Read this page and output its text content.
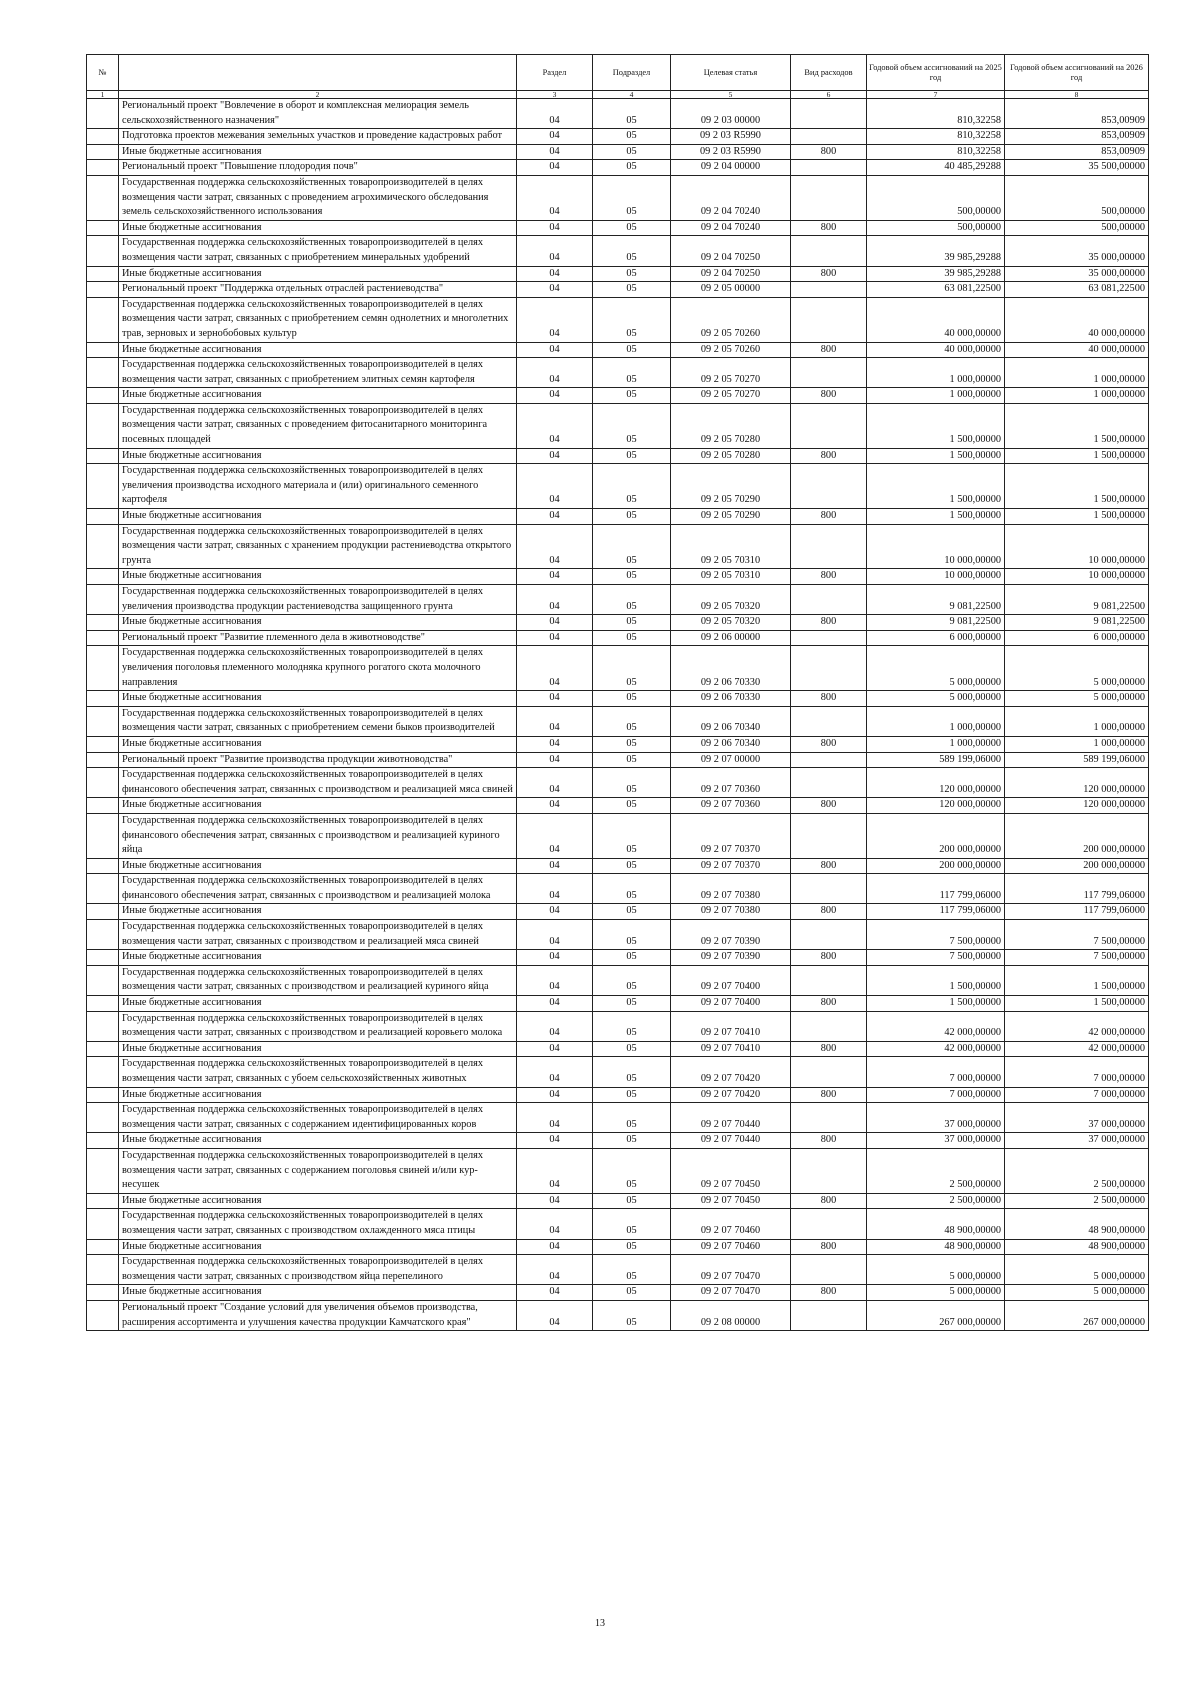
№		Раздел	Подраздел	Целевая статья	Вид расходов	Годовой объем ассигнований на 2025 год	Годовой объем ассигнований на 2026 год
1	2	3	4	5	6	7	8
	Региональный проект "Вовлечение в оборот и комплексная мелиорация земель сельскохозяйственного назначения"	04	05	09 2 03 00000		810,32258	853,00909
	Подготовка проектов межевания земельных участков и проведение кадастровых работ	04	05	09 2 03 R5990		810,32258	853,00909
	Иные бюджетные ассигнования	04	05	09 2 03 R5990	800	810,32258	853,00909
	Региональный проект "Повышение плодородия почв"	04	05	09 2 04 00000		40 485,29288	35 500,00000
	Государственная поддержка сельскохозяйственных товаропроизводителей в целях возмещения части затрат, связанных с проведением агрохимического обследования земель сельскохозяйственного использования	04	05	09 2 04 70240		500,00000	500,00000
	Иные бюджетные ассигнования	04	05	09 2 04 70240	800	500,00000	500,00000
	Государственная поддержка сельскохозяйственных товаропроизводителей в целях возмещения части затрат, связанных с приобретением минеральных удобрений	04	05	09 2 04 70250		39 985,29288	35 000,00000
	Иные бюджетные ассигнования	04	05	09 2 04 70250	800	39 985,29288	35 000,00000
	Региональный проект "Поддержка отдельных отраслей растениеводства"	04	05	09 2 05 00000		63 081,22500	63 081,22500
	Государственная поддержка сельскохозяйственных товаропроизводителей в целях возмещения части затрат, связанных с приобретением семян однолетних и многолетних трав, зерновых и зернобобовых культур	04	05	09 2 05 70260		40 000,00000	40 000,00000
	Иные бюджетные ассигнования	04	05	09 2 05 70260	800	40 000,00000	40 000,00000
	Государственная поддержка сельскохозяйственных товаропроизводителей в целях возмещения части затрат, связанных с приобретением элитных семян картофеля	04	05	09 2 05 70270		1 000,00000	1 000,00000
	Иные бюджетные ассигнования	04	05	09 2 05 70270	800	1 000,00000	1 000,00000
	Государственная поддержка сельскохозяйственных товаропроизводителей в целях возмещения части затрат, связанных с проведением фитосанитарного мониторинга посевных площадей	04	05	09 2 05 70280		1 500,00000	1 500,00000
	Иные бюджетные ассигнования	04	05	09 2 05 70280	800	1 500,00000	1 500,00000
	Государственная поддержка сельскохозяйственных товаропроизводителей в целях увеличения производства исходного материала и (или) оригинального семенного картофеля	04	05	09 2 05 70290		1 500,00000	1 500,00000
	Иные бюджетные ассигнования	04	05	09 2 05 70290	800	1 500,00000	1 500,00000
	Государственная поддержка сельскохозяйственных товаропроизводителей в целях возмещения части затрат, связанных с хранением продукции растениеводства открытого грунта	04	05	09 2 05 70310		10 000,00000	10 000,00000
	Иные бюджетные ассигнования	04	05	09 2 05 70310	800	10 000,00000	10 000,00000
	Государственная поддержка сельскохозяйственных товаропроизводителей в целях увеличения производства продукции растениеводства защищенного грунта	04	05	09 2 05 70320		9 081,22500	9 081,22500
	Иные бюджетные ассигнования	04	05	09 2 05 70320	800	9 081,22500	9 081,22500
	Региональный проект "Развитие племенного дела в животноводстве"	04	05	09 2 06 00000		6 000,00000	6 000,00000
	Государственная поддержка сельскохозяйственных товаропроизводителей в целях увеличения поголовья племенного молодняка крупного рогатого скота молочного направления	04	05	09 2 06 70330		5 000,00000	5 000,00000
	Иные бюджетные ассигнования	04	05	09 2 06 70330	800	5 000,00000	5 000,00000
	Государственная поддержка сельскохозяйственных товаропроизводителей в целях возмещения части затрат, связанных с приобретением семени быков производителей	04	05	09 2 06 70340		1 000,00000	1 000,00000
	Иные бюджетные ассигнования	04	05	09 2 06 70340	800	1 000,00000	1 000,00000
	Региональный проект "Развитие производства продукции животноводства"	04	05	09 2 07 00000		589 199,06000	589 199,06000
	Государственная поддержка сельскохозяйственных товаропроизводителей в целях финансового обеспечения затрат, связанных с производством и реализацией мяса свиней	04	05	09 2 07 70360		120 000,00000	120 000,00000
	Иные бюджетные ассигнования	04	05	09 2 07 70360	800	120 000,00000	120 000,00000
	Государственная поддержка сельскохозяйственных товаропроизводителей в целях финансового обеспечения затрат, связанных с производством и реализацией куриного яйца	04	05	09 2 07 70370		200 000,00000	200 000,00000
	Иные бюджетные ассигнования	04	05	09 2 07 70370	800	200 000,00000	200 000,00000
	Государственная поддержка сельскохозяйственных товаропроизводителей в целях финансового обеспечения затрат, связанных с производством и реализацией молока	04	05	09 2 07 70380		117 799,06000	117 799,06000
	Иные бюджетные ассигнования	04	05	09 2 07 70380	800	117 799,06000	117 799,06000
	Государственная поддержка сельскохозяйственных товаропроизводителей в целях возмещения части затрат, связанных с производством и реализацией мяса свиней	04	05	09 2 07 70390		7 500,00000	7 500,00000
	Иные бюджетные ассигнования	04	05	09 2 07 70390	800	7 500,00000	7 500,00000
	Государственная поддержка сельскохозяйственных товаропроизводителей в целях возмещения части затрат, связанных с производством и реализацией куриного яйца	04	05	09 2 07 70400		1 500,00000	1 500,00000
	Иные бюджетные ассигнования	04	05	09 2 07 70400	800	1 500,00000	1 500,00000
	Государственная поддержка сельскохозяйственных товаропроизводителей в целях возмещения части затрат, связанных с производством и реализацией коровьего молока	04	05	09 2 07 70410		42 000,00000	42 000,00000
	Иные бюджетные ассигнования	04	05	09 2 07 70410	800	42 000,00000	42 000,00000
	Государственная поддержка сельскохозяйственных товаропроизводителей в целях возмещения части затрат, связанных с убоем сельскохозяйственных животных	04	05	09 2 07 70420		7 000,00000	7 000,00000
	Иные бюджетные ассигнования	04	05	09 2 07 70420	800	7 000,00000	7 000,00000
	Государственная поддержка сельскохозяйственных товаропроизводителей в целях возмещения части затрат, связанных с содержанием идентифицированных коров	04	05	09 2 07 70440		37 000,00000	37 000,00000
	Иные бюджетные ассигнования	04	05	09 2 07 70440	800	37 000,00000	37 000,00000
	Государственная поддержка сельскохозяйственных товаропроизводителей в целях возмещения части затрат, связанных с содержанием поголовья свиней и/или кур-несушек	04	05	09 2 07 70450		2 500,00000	2 500,00000
	Иные бюджетные ассигнования	04	05	09 2 07 70450	800	2 500,00000	2 500,00000
	Государственная поддержка сельскохозяйственных товаропроизводителей в целях возмещения части затрат, связанных с производством охлажденного мяса птицы	04	05	09 2 07 70460		48 900,00000	48 900,00000
	Иные бюджетные ассигнования	04	05	09 2 07 70460	800	48 900,00000	48 900,00000
	Государственная поддержка сельскохозяйственных товаропроизводителей в целях возмещения части затрат, связанных с производством яйца перепелиного	04	05	09 2 07 70470		5 000,00000	5 000,00000
	Иные бюджетные ассигнования	04	05	09 2 07 70470	800	5 000,00000	5 000,00000
	Региональный проект "Создание условий для увеличения объемов производства, расширения ассортимента и улучшения качества продукции Камчатского края"	04	05	09 2 08 00000		267 000,00000	267 000,00000
13
